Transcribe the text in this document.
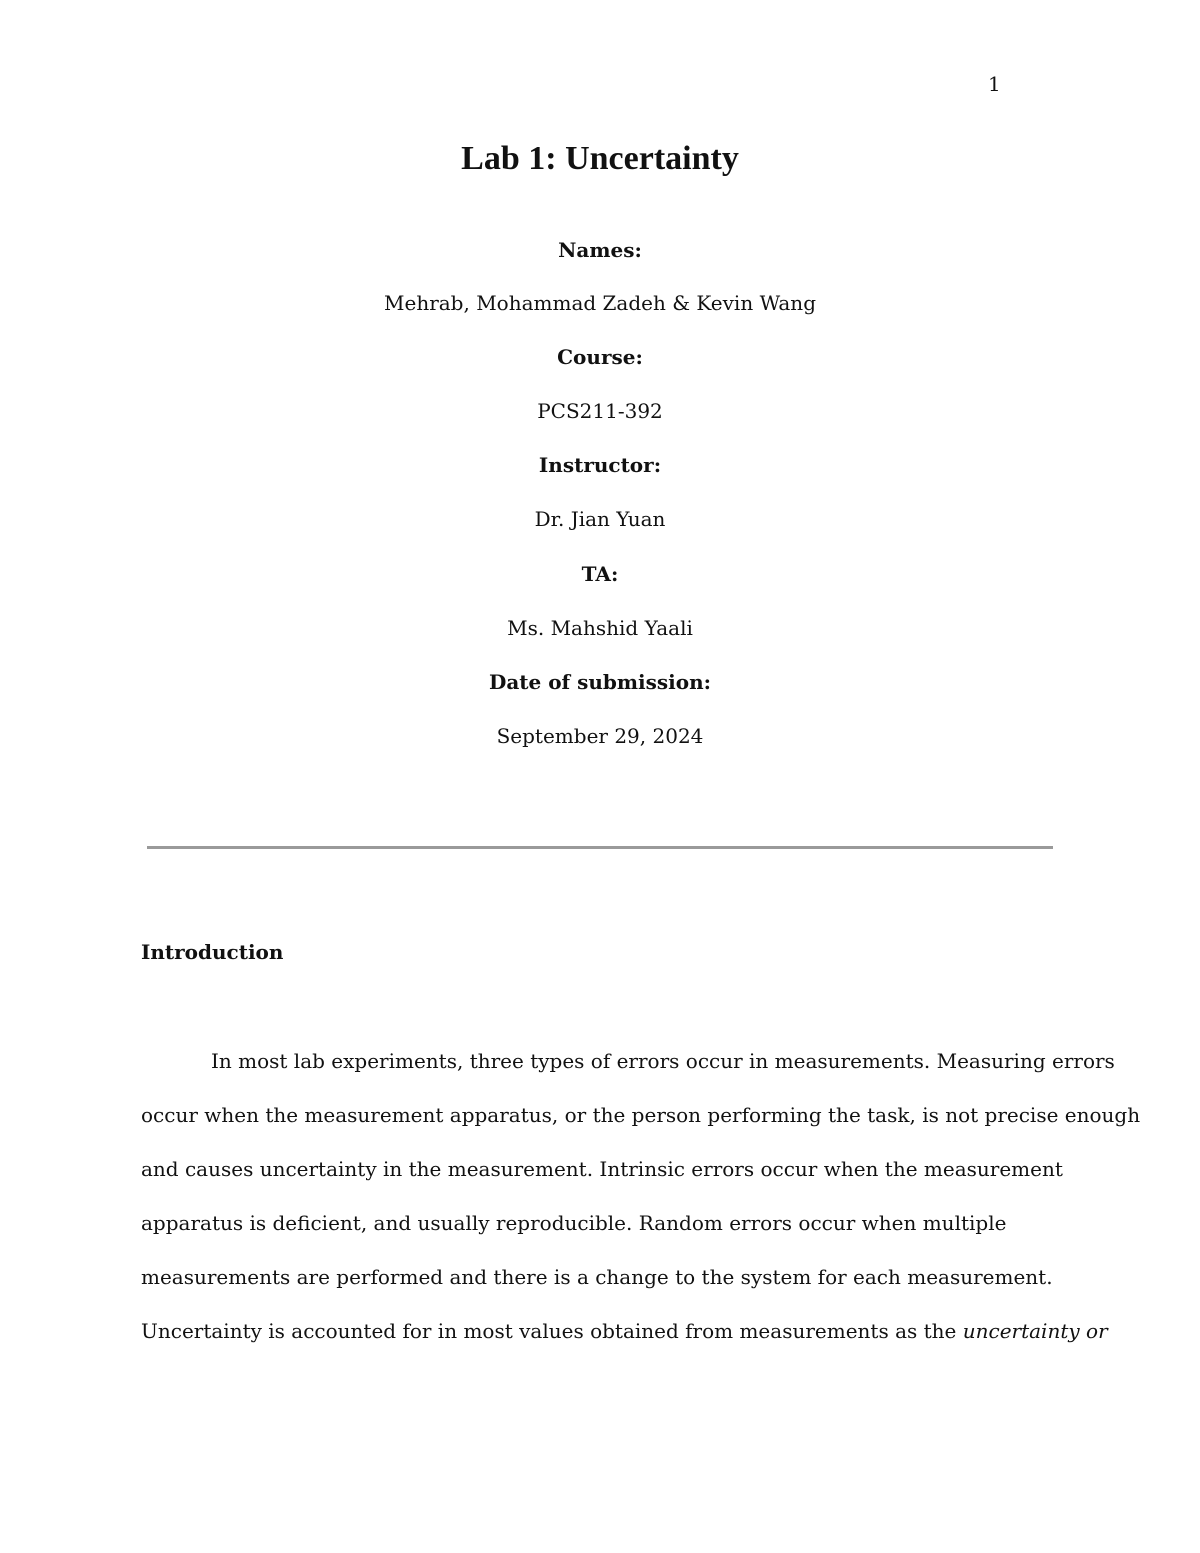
1
Lab 1: Uncertainty

Names:

Mehrab, Mohammad Zadeh & Kevin Wang

Course:

PCS211-392

Instructor:

Dr. Jian Yuan

TA:

Ms. Mahshid Yaali

Date of submission:

September 29, 2024

Introduction

In most lab experiments, three types of errors occur in measurements. Measuring errors

occur when the measurement apparatus, or the person performing the task, is not precise enough

and causes uncertainty in the measurement. Intrinsic errors occur when the measurement

apparatus is deficient, and usually reproducible. Random errors occur when multiple

measurements are performed and there is a change to the system for each measurement.

Uncertainty is accounted for in most values obtained from measurements as the uncertainty or
